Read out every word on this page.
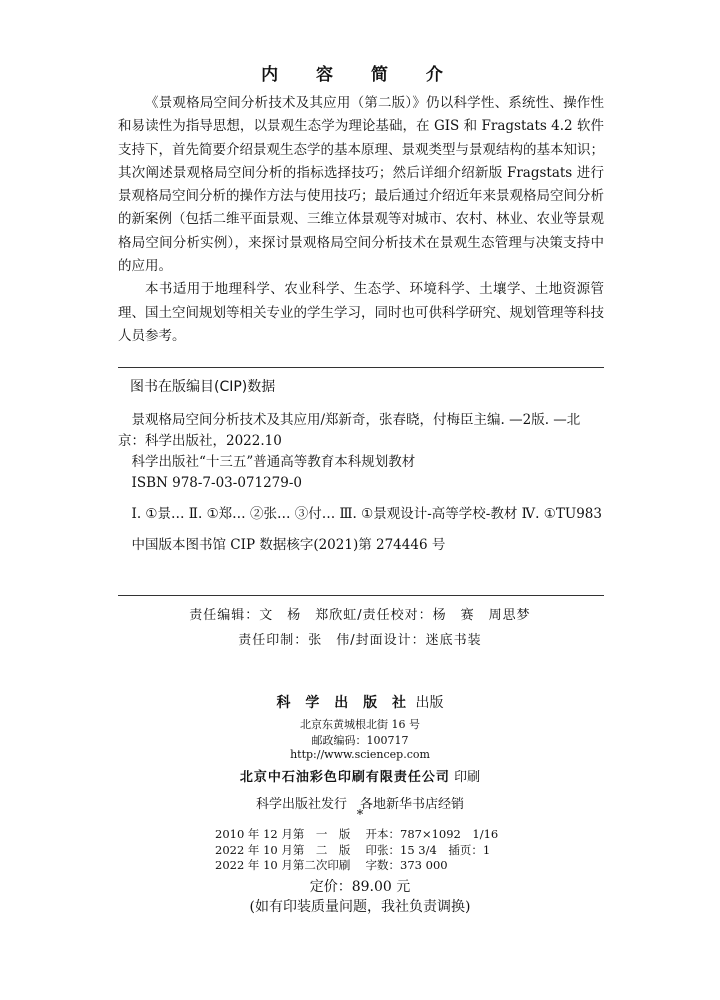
内 容 简 介

《景观格局空间分析技术及其应用（第二版）》仍以科学性、系统性、操作性和易读性为指导思想，以景观生态学为理论基础，在 GIS 和 Fragstats 4.2 软件支持下，首先简要介绍景观生态学的基本原理、景观类型与景观结构的基本知识；其次阐述景观格局空间分析的指标选择技巧；然后详细介绍新版 Fragstats 进行景观格局空间分析的操作方法与使用技巧；最后通过介绍近年来景观格局空间分析的新案例（包括二维平面景观、三维立体景观等对城市、农村、林业、农业等景观格局空间分析实例），来探讨景观格局空间分析技术在景观生态管理与决策支持中的应用。

本书适用于地理科学、农业科学、生态学、环境科学、土壤学、土地资源管理、国土空间规划等相关专业的学生学习，同时也可供科学研究、规划管理等科技人员参考。

图书在版编目(CIP)数据

景观格局空间分析技术及其应用/郑新奇，张春晓，付梅臣主编. —2版. —北京：科学出版社，2022.10

科学出版社“十三五”普通高等教育本科规划教材

ISBN 978-7-03-071279-0

Ⅰ. ①景… Ⅱ. ①郑… ②张… ③付… Ⅲ. ①景观设计-高等学校-教材 Ⅳ. ①TU983

中国版本图书馆 CIP 数据核字(2021)第 274446 号

责任编辑：文　杨　郑欣虹/责任校对：杨　赛　周思梦
责任印制：张　伟/封面设计：迷底书装
科 学 出 版 社 出版
北京东黄城根北街 16 号
邮政编码：100717
http://www.sciencep.com
北京中石油彩色印刷有限责任公司 印刷
科学出版社发行　各地新华书店经销
*
2010 年 12 月第　一　版　 开本：787×1092　1/16
2022 年 10 月第　二　版　 印张：15 3/4　插页：1
2022 年 10 月第二次印刷　 字数：373 000
定价：89.00 元
(如有印装质量问题，我社负责调换)
